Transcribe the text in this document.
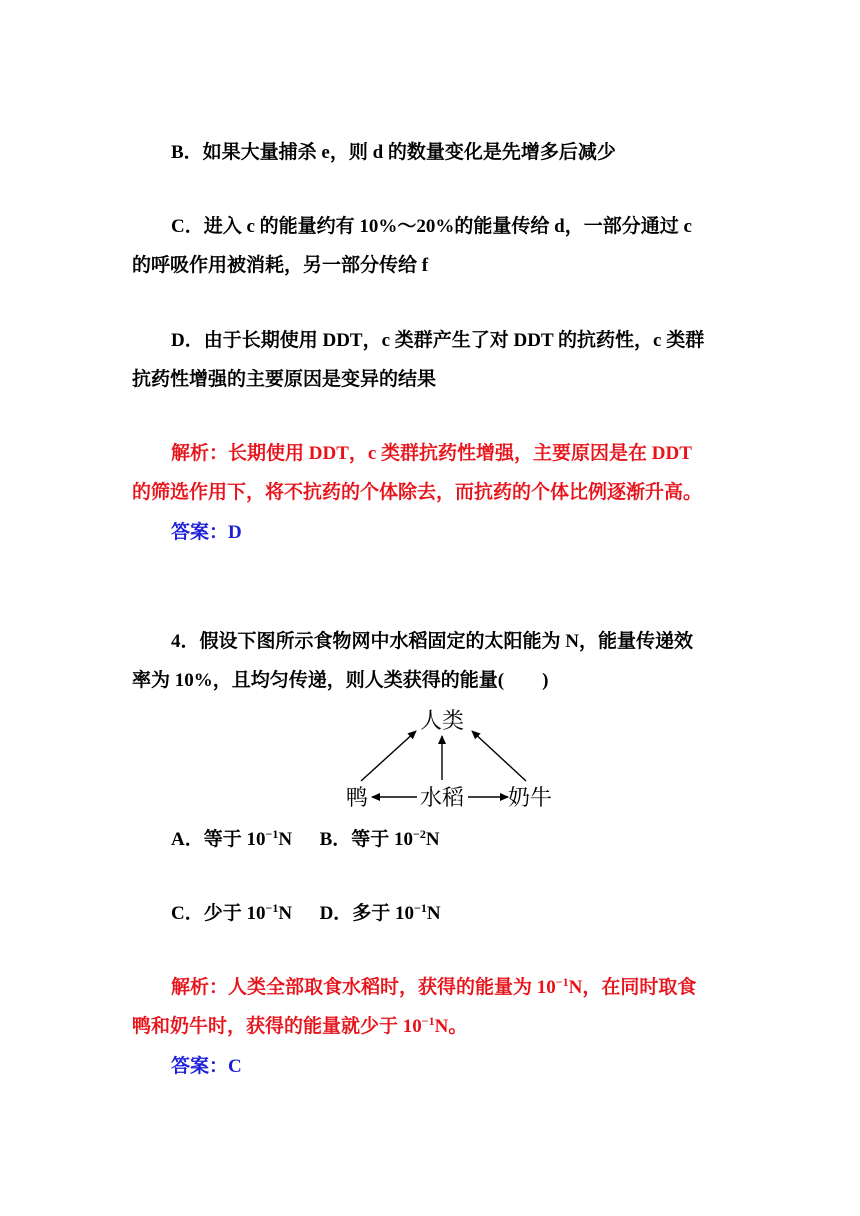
B．如果大量捕杀 e，则 d 的数量变化是先增多后减少
C．进入 c 的能量约有 10%～20%的能量传给 d，一部分通过 c
的呼吸作用被消耗，另一部分传给 f
D．由于长期使用 DDT，c 类群产生了对 DDT 的抗药性，c 类群
抗药性增强的主要原因是变异的结果
解析：长期使用 DDT，c 类群抗药性增强，主要原因是在 DDT
的筛选作用下，将不抗药的个体除去，而抗药的个体比例逐渐升高。
答案：D
4．假设下图所示食物网中水稻固定的太阳能为 N，能量传递效
率为 10%，且均匀传递，则人类获得的能量(　　)
人类
鸭 水稻 奶牛
A．等于 $10^{-1}N$ B．等于 $10^{-2}N$
C．少于 $10^{-1}N$ D．多于 $10^{-1}N$
解析：人类全部取食水稻时，获得的能量为 $10^{-1}N$，在同时取食
鸭和奶牛时，获得的能量就少于 $10^{-1}N$。
答案：C
